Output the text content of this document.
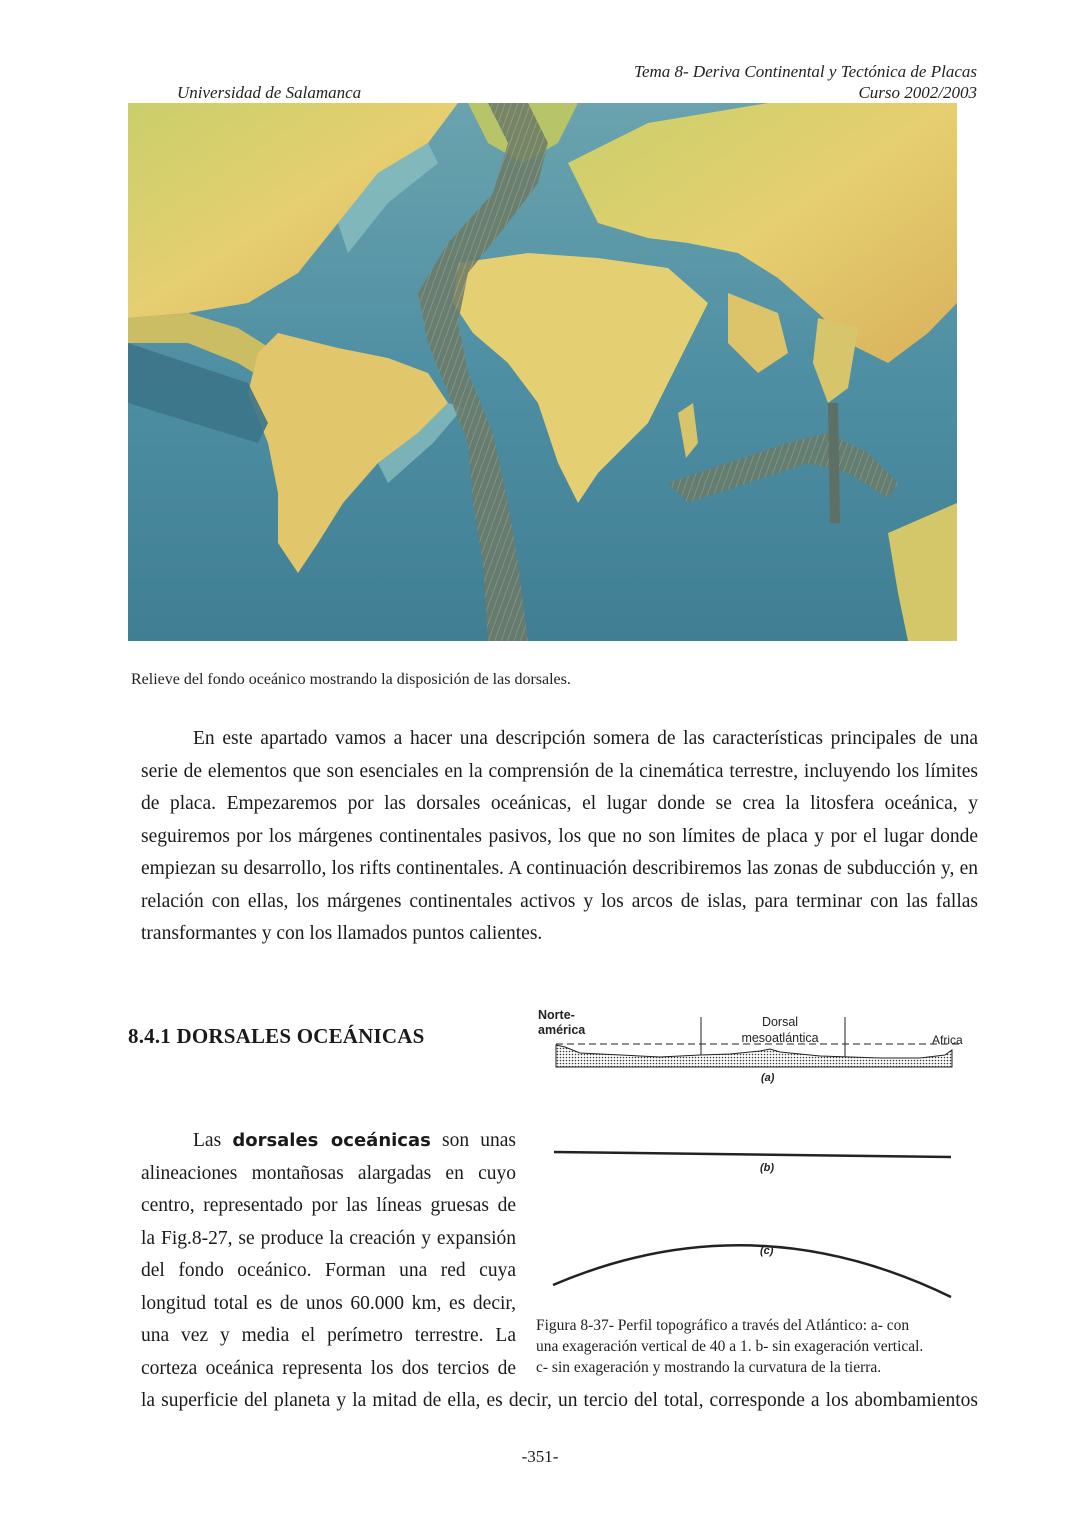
Universidad de Salamanca
Tema 8- Deriva Continental y Tectónica de Placas
Curso 2002/2003
Relieve del fondo oceánico mostrando la disposición de las dorsales.

En este apartado vamos a hacer una descripción somera de las características principales de una serie de elementos que son esenciales en la comprensión de la cinemática terrestre, incluyendo los límites de placa. Empezaremos por las dorsales oceánicas, el lugar donde se crea la litosfera oceánica, y seguiremos por los márgenes continentales pasivos, los que no son límites de placa y por el lugar donde empiezan su desarrollo, los rifts continentales. A continuación describiremos las zonas de subducción y, en relación con ellas, los márgenes continentales activos y los arcos de islas, para terminar con las fallas transformantes y con los llamados puntos calientes.

8.4.1 DORSALES OCEÁNICAS
Las dorsales oceánicas son unas
alineaciones montañosas alargadas en cuyo
centro, representado por las líneas gruesas de
la Fig.8-27, se produce la creación y expansión
del fondo oceánico. Forman una red cuya
longitud total es de unos 60.000 km, es decir,
una vez y media el perímetro terrestre. La
corteza oceánica representa los dos tercios de
la superficie del planeta y la mitad de ella, es decir, un tercio del total, corresponde a los abombamientos
Norte-
américa
Dorsal
mesoatlántica	Africa
(a)
(b)
(c)
Figura 8-37- Perfil topográfico a través del Atlántico: a- con
una exageración vertical de 40 a 1. b- sin exageración vertical.
c- sin exageración y mostrando la curvatura de la tierra.
-351-
